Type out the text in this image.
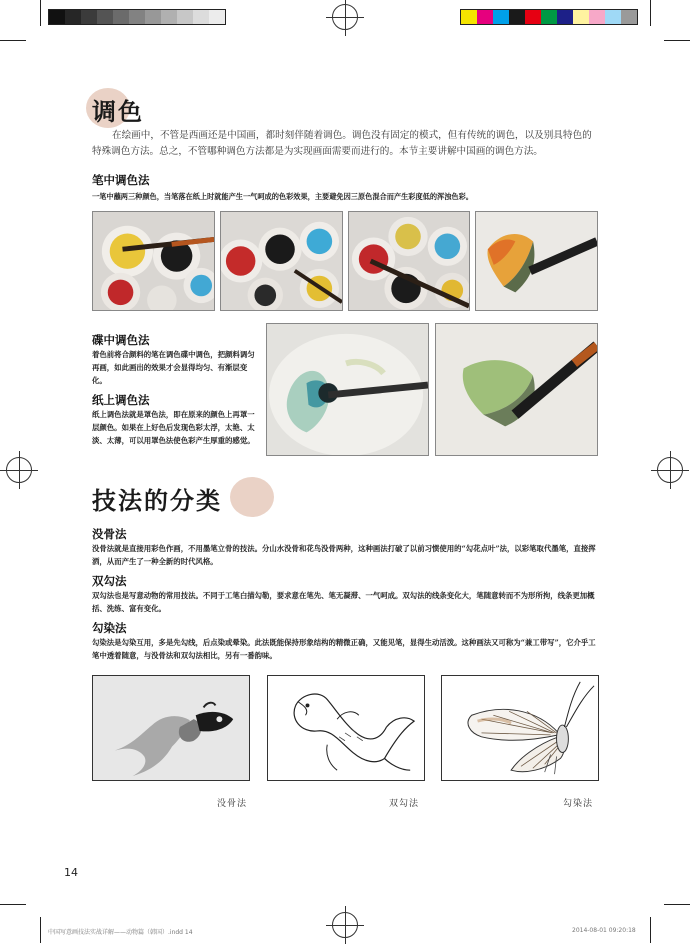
调色
在绘画中，不管是西画还是中国画，都时刻伴随着调色。调色没有固定的模式，但有传统的调色，以及别具特色的特殊调色方法。总之，不管哪种调色方法都是为实现画面需要而进行的。本节主要讲解中国画的调色方法。
笔中调色法
一笔中蘸两三种颜色，当笔落在纸上时就能产生一气呵成的色彩效果，主要避免因三原色混合而产生彩度低的浑浊色彩。
碟中调色法
着色前将合颜料的笔在调色碟中调色，把颜料调匀再画，如此画出的效果才会显得均匀、有渐层变化。
纸上调色法
纸上调色法就是罩色法，即在原来的颜色上再罩一层颜色。如果在上好色后发现色彩太浮，太艳、太淡、太薄，可以用罩色法使色彩产生厚重的感觉。
技法的分类
没骨法
没骨法就是直接用彩色作画，不用墨笔立骨的技法。分山水没骨和花鸟没骨两种，这种画法打破了以前习惯使用的“勾花点叶”法，以彩笔取代墨笔，直接挥洒，从而产生了一种全新的时代风格。
双勾法
双勾法也是写意动物的常用技法。不同于工笔白描勾勒，要求意在笔先、笔无凝滞、一气呵成。双勾法的线条变化大，笔随意转而不为形所拘，线条更加概括、洗练、富有变化。
勾染法
勾染法是勾染互用，多是先勾线，后点染或晕染。此法既能保持形象结构的精微正确，又能见笔，显得生动活泼。这种画法又可称为“兼工带写”，它介乎工笔中透着随意，与没骨法和双勾法相比，另有一番韵味。
没骨法	双勾法	勾染法
14
中国写意画技法实战详解——动物篇（韩国）.indd 14	2014-08-01 09:20:18
